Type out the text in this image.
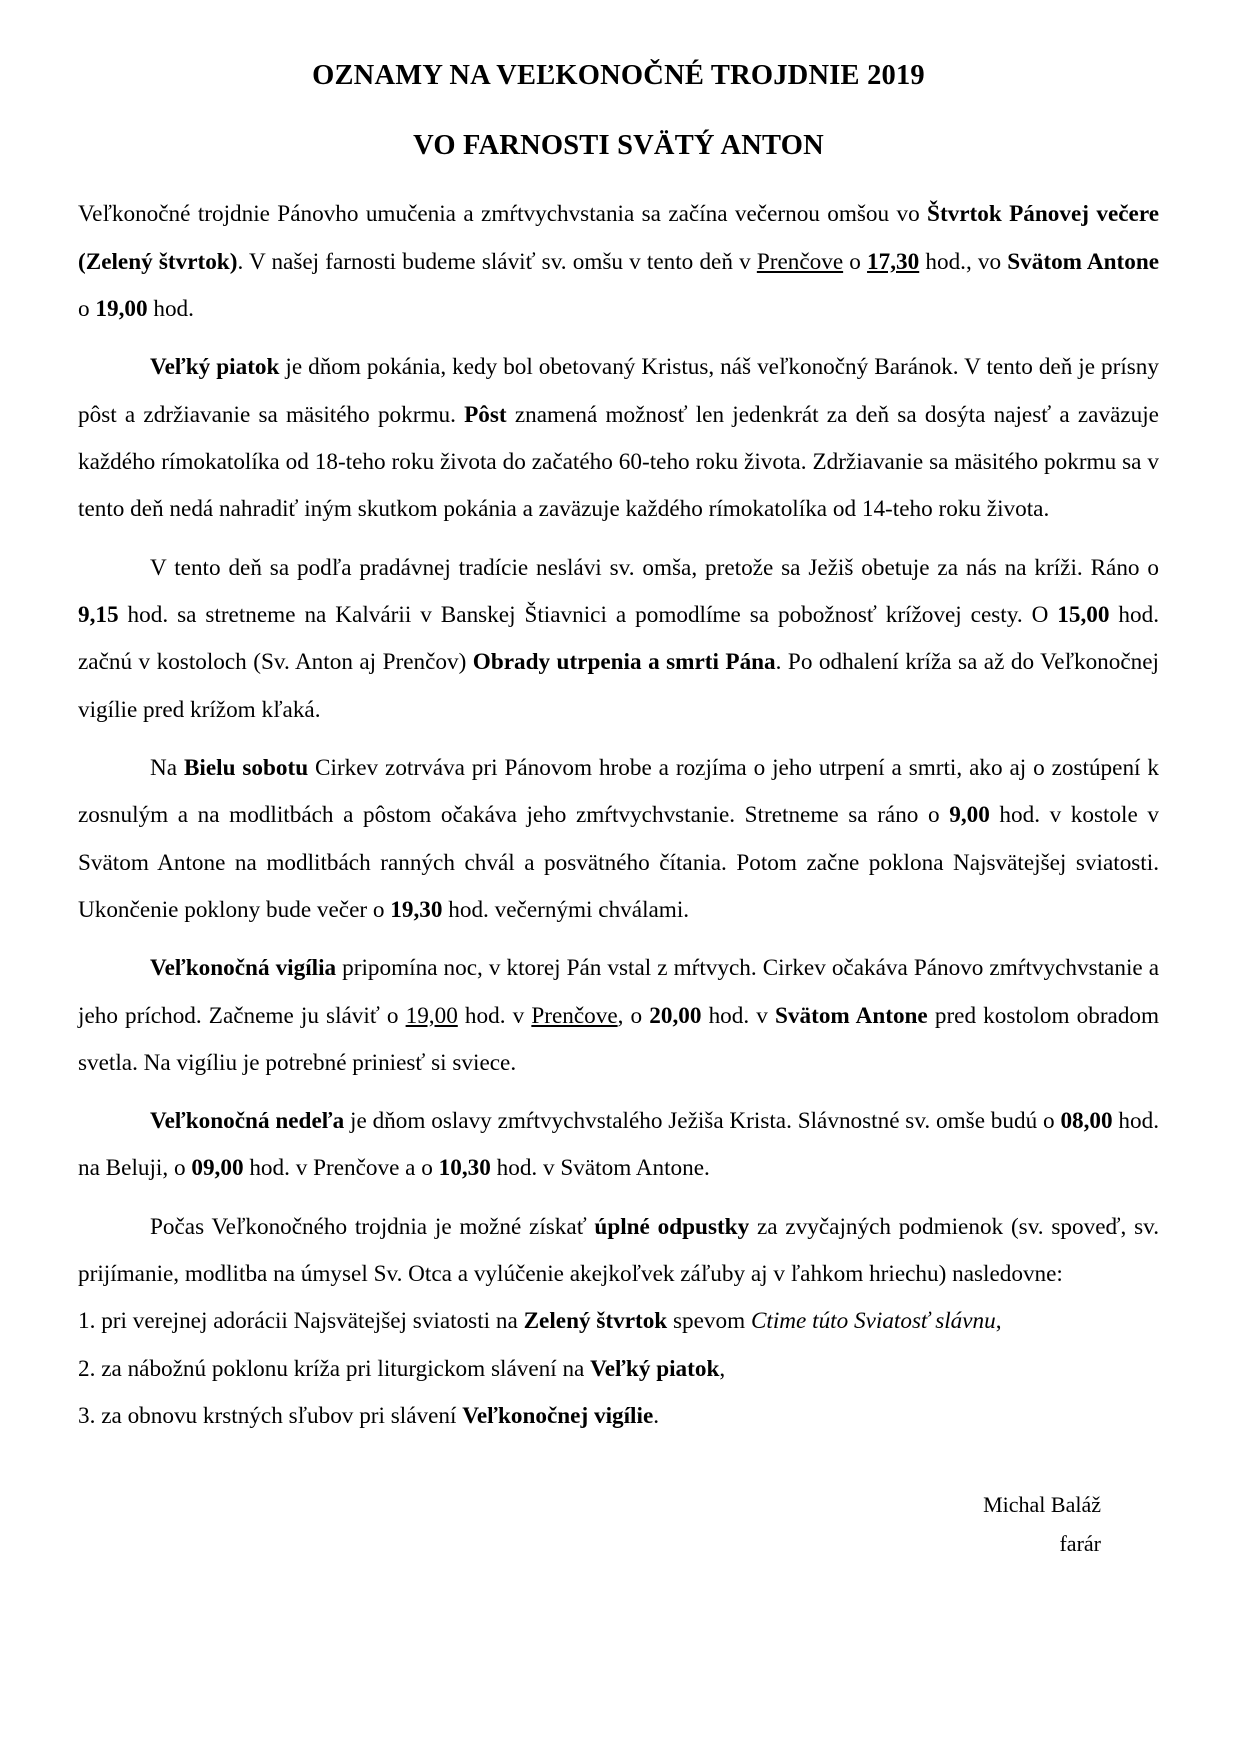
OZNAMY NA VEĽKONOČNÉ TROJDNIE 2019
VO FARNOSTI SVÄTÝ ANTON

Veľkonočné trojdnie Pánovho umučenia a zmŕtvychvstania sa začína večernou omšou vo Štvrtok Pánovej večere (Zelený štvrtok). V našej farnosti budeme sláviť sv. omšu v tento deň v Prenčove o 17,30 hod., vo Svätom Antone o 19,00 hod.

Veľký piatok je dňom pokánia, kedy bol obetovaný Kristus, náš veľkonočný Baránok. V tento deň je prísny pôst a zdržiavanie sa mäsitého pokrmu. Pôst znamená možnosť len jedenkrát za deň sa dosýta najesť a zaväzuje každého rímokatolíka od 18-teho roku života do začatého 60-teho roku života. Zdržiavanie sa mäsitého pokrmu sa v tento deň nedá nahradiť iným skutkom pokánia a zaväzuje každého rímokatolíka od 14-teho roku života.

V tento deň sa podľa pradávnej tradície neslávi sv. omša, pretože sa Ježiš obetuje za nás na kríži. Ráno o 9,15 hod. sa stretneme na Kalvárii v Banskej Štiavnici a pomodlíme sa pobožnosť krížovej cesty. O 15,00 hod. začnú v kostoloch (Sv. Anton aj Prenčov) Obrady utrpenia a smrti Pána. Po odhalení kríža sa až do Veľkonočnej vigílie pred krížom kľaká.

Na Bielu sobotu Cirkev zotrváva pri Pánovom hrobe a rozjíma o jeho utrpení a smrti, ako aj o zostúpení k zosnulým a na modlitbách a pôstom očakáva jeho zmŕtvychvstanie. Stretneme sa ráno o 9,00 hod. v kostole v Svätom Antone na modlitbách ranných chvál a posvätného čítania. Potom začne poklona Najsvätejšej sviatosti. Ukončenie poklony bude večer o 19,30 hod. večernými chválami.

Veľkonočná vigília pripomína noc, v ktorej Pán vstal z mŕtvych. Cirkev očakáva Pánovo zmŕtvychvstanie a jeho príchod. Začneme ju sláviť o 19,00 hod. v Prenčove, o 20,00 hod. v Svätom Antone pred kostolom obradom svetla. Na vigíliu je potrebné priniesť si sviece.

Veľkonočná nedeľa je dňom oslavy zmŕtvychvstalého Ježiša Krista. Slávnostné sv. omše budú o 08,00 hod. na Beluji, o 09,00 hod. v Prenčove a o 10,30 hod. v Svätom Antone.

Počas Veľkonočného trojdnia je možné získať úplné odpustky za zvyčajných podmienok (sv. spoveď, sv. prijímanie, modlitba na úmysel Sv. Otca a vylúčenie akejkoľvek záľuby aj v ľahkom hriechu) nasledovne:

1. pri verejnej adorácii Najsvätejšej sviatosti na Zelený štvrtok spevom Ctime túto Sviatosť slávnu,

2. za nábožnú poklonu kríža pri liturgickom slávení na Veľký piatok,

3. za obnovu krstných sľubov pri slávení Veľkonočnej vigílie.

Michal Baláž
farár
